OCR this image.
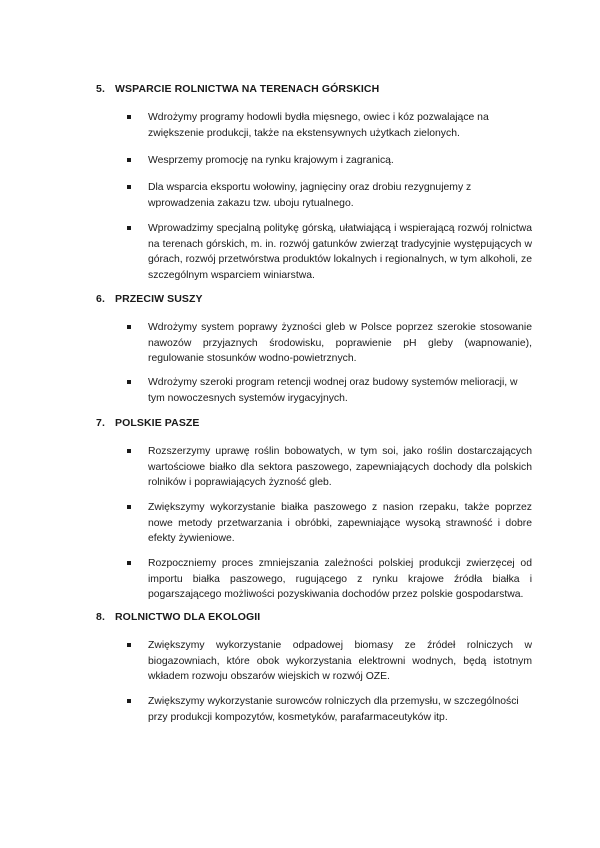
5. WSPARCIE ROLNICTWA NA TERENACH GÓRSKICH

Wdrożymy programy hodowli bydła mięsnego, owiec i kóz pozwalające na zwiększenie produkcji, także na ekstensywnych użytkach zielonych.

Wesprzemy promocję na rynku krajowym i zagranicą.

Dla wsparcia eksportu wołowiny, jagnięciny oraz drobiu rezygnujemy z wprowadzenia zakazu tzw. uboju rytualnego.

Wprowadzimy specjalną politykę górską, ułatwiającą i wspierającą rozwój rolnictwa na terenach górskich, m. in. rozwój gatunków zwierząt tradycyjnie występujących w górach, rozwój przetwórstwa produktów lokalnych i regionalnych, w tym alkoholi, ze szczególnym wsparciem winiarstwa.

6. PRZECIW SUSZY

Wdrożymy system poprawy żyzności gleb w Polsce poprzez szerokie stosowanie nawozów przyjaznych środowisku, poprawienie pH gleby (wapnowanie), regulowanie stosunków wodno-powietrznych.

Wdrożymy szeroki program retencji wodnej oraz budowy systemów melioracji, w tym nowoczesnych systemów irygacyjnych.

7. POLSKIE PASZE

Rozszerzymy uprawę roślin bobowatych, w tym soi, jako roślin dostarczających wartościowe białko dla sektora paszowego, zapewniających dochody dla polskich rolników i poprawiających żyzność gleb.

Zwiększymy wykorzystanie białka paszowego z nasion rzepaku, także poprzez nowe metody przetwarzania i obróbki, zapewniające wysoką strawność i dobre efekty żywieniowe.

Rozpoczniemy proces zmniejszania zależności polskiej produkcji zwierzęcej od importu białka paszowego, rugującego z rynku krajowe źródła białka i pogarszającego możliwości pozyskiwania dochodów przez polskie gospodarstwa.

8. ROLNICTWO DLA EKOLOGII

Zwiększymy wykorzystanie odpadowej biomasy ze źródeł rolniczych w biogazowniach, które obok wykorzystania elektrowni wodnych, będą istotnym wkładem rozwoju obszarów wiejskich w rozwój OZE.

Zwiększymy wykorzystanie surowców rolniczych dla przemysłu, w szczególności przy produkcji kompozytów, kosmetyków, parafarmaceutyków itp.
